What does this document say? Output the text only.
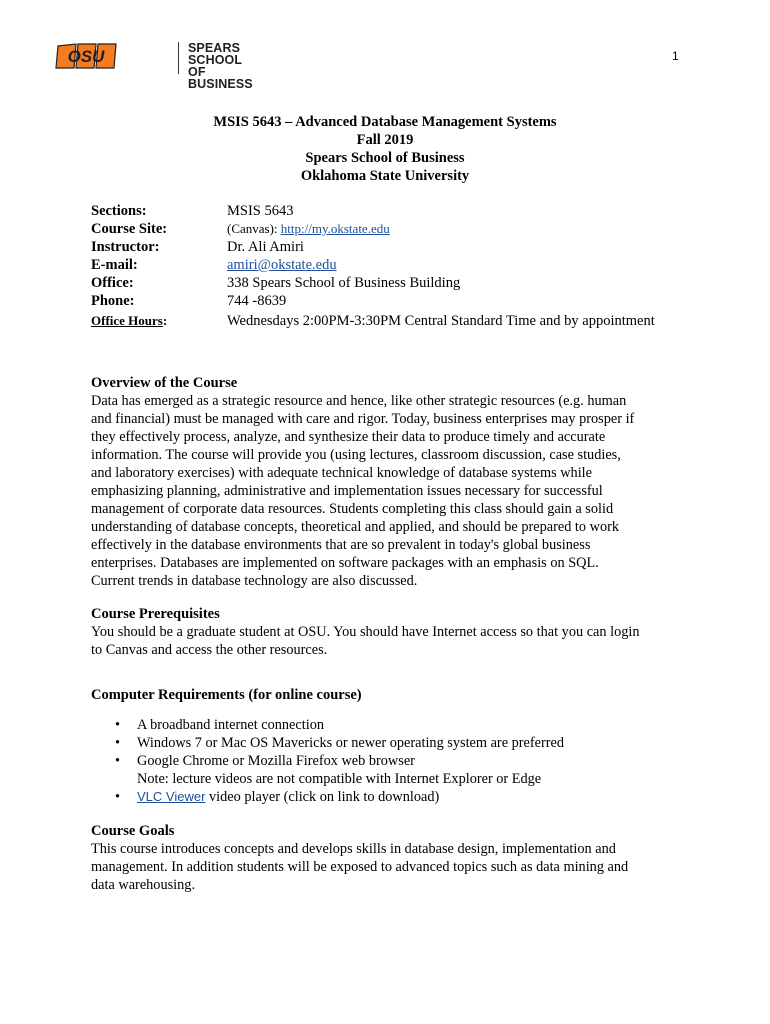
OSU	SPEARS SCHOOL
OF BUSINESS
1
MSIS 5643 – Advanced Database Management Systems
Fall 2019
Spears School of Business
Oklahoma State University
Sections:	MSIS 5643
Course Site:	(Canvas): http://my.okstate.edu
Instructor:	Dr. Ali Amiri
E-mail:	amiri@okstate.edu
Office:	338 Spears School of Business Building
Phone:	744 -8639
Office Hours:	Wednesdays 2:00PM-3:30PM Central Standard Time and by appointment
Overview of the Course

Data has emerged as a strategic resource and hence, like other strategic resources (e.g. human

and financial) must be managed with care and rigor. Today, business enterprises may prosper if

they effectively process, analyze, and synthesize their data to produce timely and accurate

information. The course will provide you (using lectures, classroom discussion, case studies,

and laboratory exercises) with adequate technical knowledge of database systems while

emphasizing planning, administrative and implementation issues necessary for successful

management of corporate data resources. Students completing this class should gain a solid

understanding of database concepts, theoretical and applied, and should be prepared to work

effectively in the database environments that are so prevalent in today's global business

enterprises. Databases are implemented on software packages with an emphasis on SQL.

Current trends in database technology are also discussed.

Course Prerequisites

You should be a graduate student at OSU. You should have Internet access so that you can login

to Canvas and access the other resources.

Computer Requirements (for online course)
• A broadband internet connection
• Windows 7 or Mac OS Mavericks or newer operating system are preferred
• Google Chrome or Mozilla Firefox web browser
Note: lecture videos are not compatible with Internet Explorer or Edge
• VLC Viewer video player (click on link to download)
Course Goals

This course introduces concepts and develops skills in database design, implementation and

management. In addition students will be exposed to advanced topics such as data mining and

data warehousing.
